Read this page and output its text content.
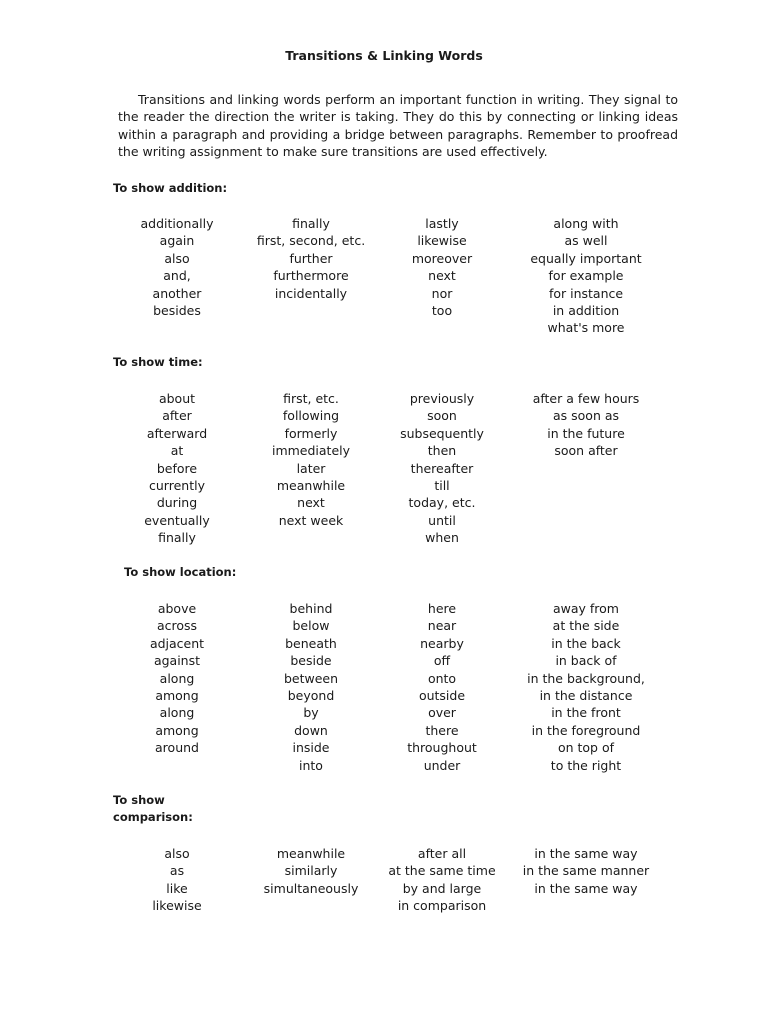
Transitions & Linking Words

Transitions and linking words perform an important function in writing. They signal to the reader the direction the writer is taking. They do this by connecting or linking ideas within a paragraph and providing a bridge between paragraphs. Remember to proofread the writing assignment to make sure transitions are used effectively.

To show addition:
additionally
again
also
and,
another
besides
finally
first, second, etc.
further
furthermore
incidentally
lastly
likewise
moreover
next
nor
too
along with
as well
equally important
for example
for instance
in addition
what's more
To show time:
about
after
afterward
at
before
currently
during
eventually
finally
first, etc.
following
formerly
immediately
later
meanwhile
next
next week
previously
soon
subsequently
then
thereafter
till
today, etc.
until
when
after a few hours
as soon as
in the future
soon after
To show location:
above
across
adjacent
against
along
among
along
among
around
behind
below
beneath
beside
between
beyond
by
down
inside
into
here
near
nearby
off
onto
outside
over
there
throughout
under
away from
at the side
in the back
in back of
in the background,
in the distance
in the front
in the foreground
on top of
to the right
To show comparison:
also
as
like
likewise
meanwhile
similarly
simultaneously
after all
at the same time
by and large
in comparison
in the same way
in the same manner
in the same way
